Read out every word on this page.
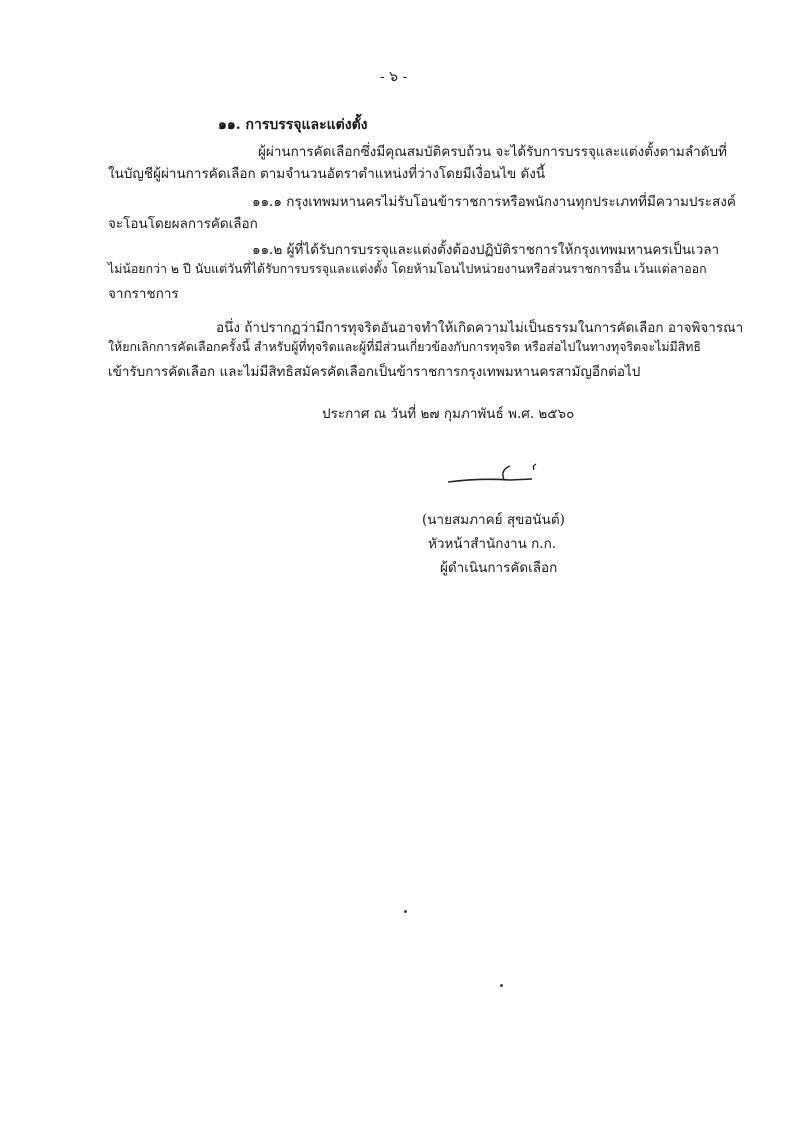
- ๖ -
๑๑. การบรรจุและแต่งตั้ง
ผู้ผ่านการคัดเลือกซึ่งมีคุณสมบัติครบถ้วน จะได้รับการบรรจุและแต่งตั้งตามลำดับที่
ในบัญชีผู้ผ่านการคัดเลือก ตามจำนวนอัตราตำแหน่งที่ว่างโดยมีเงื่อนไข ดังนี้
๑๑.๑ กรุงเทพมหานครไม่รับโอนข้าราชการหรือพนักงานทุกประเภทที่มีความประสงค์
จะโอนโดยผลการคัดเลือก
๑๑.๒ ผู้ที่ได้รับการบรรจุและแต่งตั้งต้องปฏิบัติราชการให้กรุงเทพมหานครเป็นเวลา
ไม่น้อยกว่า ๒ ปี นับแต่วันที่ได้รับการบรรจุและแต่งตั้ง โดยห้ามโอนไปหน่วยงานหรือส่วนราชการอื่น เว้นแต่ลาออก
จากราชการ
อนึ่ง ถ้าปรากฏว่ามีการทุจริตอันอาจทำให้เกิดความไม่เป็นธรรมในการคัดเลือก อาจพิจารณา
ให้ยกเลิกการคัดเลือกครั้งนี้ สำหรับผู้ที่ทุจริตและผู้ที่มีส่วนเกี่ยวข้องกับการทุจริต หรือส่อไปในทางทุจริตจะไม่มีสิทธิ
เข้ารับการคัดเลือก และไม่มีสิทธิสมัครคัดเลือกเป็นข้าราชการกรุงเทพมหานครสามัญอีกต่อไป
ประกาศ ณ วันที่ ๒๗ กุมภาพันธ์ พ.ศ. ๒๕๖๐
(นายสมภาคย์ สุขอนันต์)
หัวหน้าสำนักงาน ก.ก.
ผู้ดำเนินการคัดเลือก
